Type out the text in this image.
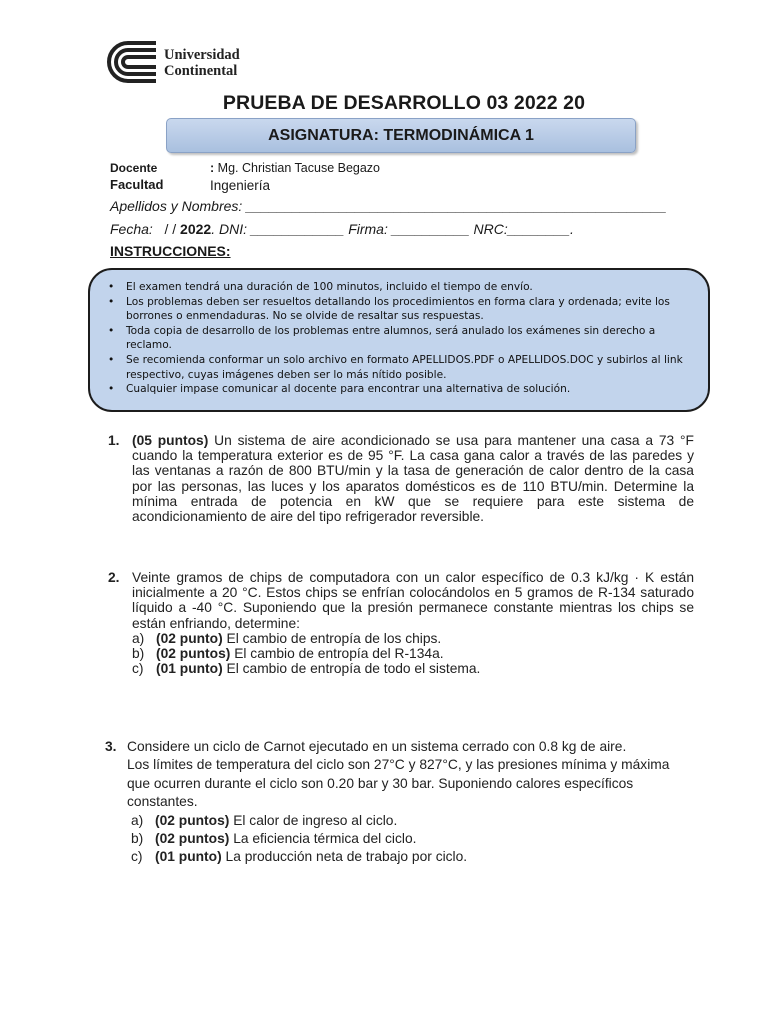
Universidad
Continental
PRUEBA DE DESARROLLO 03 2022 20
ASIGNATURA: TERMODINÁMICA 1
Docente	: Mg. Christian Tacuse Begazo
Facultad	Ingeniería
Apellidos y Nombres: ______________________________________________________
Fecha: / / 2022. DNI: ____________ Firma: __________ NRC:________.
INSTRUCCIONES:
• El examen tendrá una duración de 100 minutos, incluido el tiempo de envío.
• Los problemas deben ser resueltos detallando los procedimientos en forma clara y ordenada; evite los borrones o enmendaduras. No se olvide de resaltar sus respuestas.
• Toda copia de desarrollo de los problemas entre alumnos, será anulado los exámenes sin derecho a reclamo.
• Se recomienda conformar un solo archivo en formato APELLIDOS.PDF o APELLIDOS.DOC y subirlos al link respectivo, cuyas imágenes deben ser lo más nítido posible.
• Cualquier impase comunicar al docente para encontrar una alternativa de solución.
1. (05 puntos) Un sistema de aire acondicionado se usa para mantener una casa a 73 °F cuando la temperatura exterior es de 95 °F. La casa gana calor a través de las paredes y las ventanas a razón de 800 BTU/min y la tasa de generación de calor dentro de la casa por las personas, las luces y los aparatos domésticos es de 110 BTU/min. Determine la mínima entrada de potencia en kW que se requiere para este sistema de acondicionamiento de aire del tipo refrigerador reversible.

2. Veinte gramos de chips de computadora con un calor específico de 0.3 kJ/kg · K están inicialmente a 20 °C. Estos chips se enfrían colocándolos en 5 gramos de R-134 saturado líquido a -40 °C. Suponiendo que la presión permanece constante mientras los chips se están enfriando, determine:

a) (02 punto) El cambio de entropía de los chips.
b) (02 puntos) El cambio de entropía del R-134a.
c) (01 punto) El cambio de entropía de todo el sistema.
3. Considere un ciclo de Carnot ejecutado en un sistema cerrado con 0.8 kg de aire.

Los límites de temperatura del ciclo son 27°C y 827°C, y las presiones mínima y máxima que ocurren durante el ciclo son 0.20 bar y 30 bar. Suponiendo calores específicos constantes.

a) (02 puntos) El calor de ingreso al ciclo.
b) (02 puntos) La eficiencia térmica del ciclo.
c) (01 punto) La producción neta de trabajo por ciclo.
